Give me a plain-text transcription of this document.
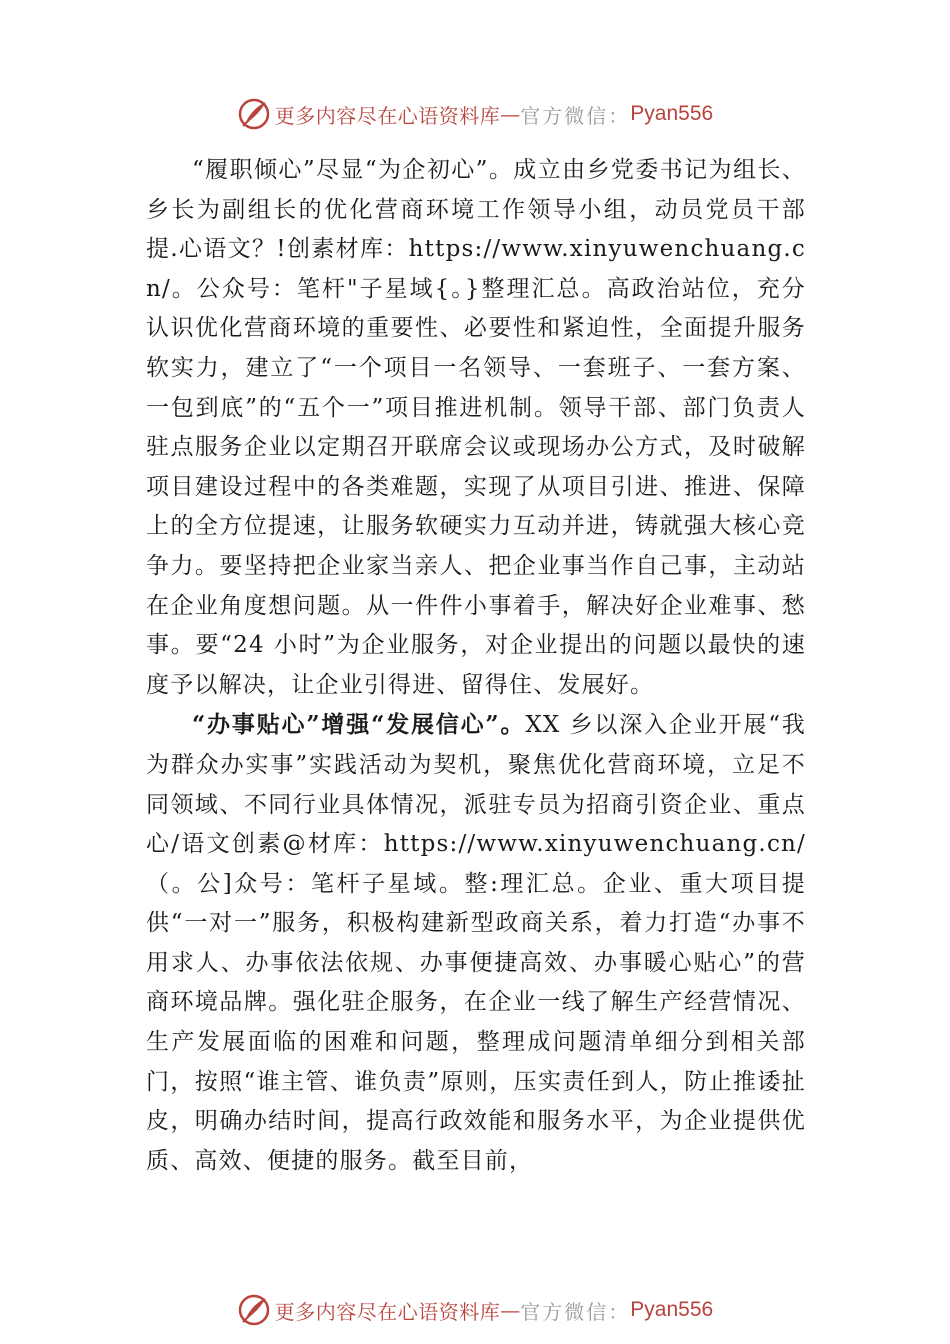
更多内容尽在心语资料库 — 官方微信： Pyan556

“履职倾心”尽显“为企初心”。成立由乡党委书记为组长、乡长为副组长的优化营商环境工作领导小组，动员党员干部提.心语文？!创素材库：https://www.xinyuwenchuang.cn/。公众号：笔杆"子星域{。}整理汇总。高政治站位，充分认识优化营商环境的重要性、必要性和紧迫性，全面提升服务软实力，建立了“一个项目一名领导、一套班子、一套方案、一包到底”的“五个一”项目推进机制。领导干部、部门负责人驻点服务企业以定期召开联席会议或现场办公方式，及时破解项目建设过程中的各类难题，实现了从项目引进、推进、保障上的全方位提速，让服务软硬实力互动并进，铸就强大核心竞争力。要坚持把企业家当亲人、把企业事当作自己事，主动站在企业角度想问题。从一件件小事着手，解决好企业难事、愁事。要“24 小时”为企业服务，对企业提出的问题以最快的速度予以解决，让企业引得进、留得住、发展好。

“办事贴心”增强“发展信心”。XX 乡以深入企业开展“我为群众办实事”实践活动为契机，聚焦优化营商环境，立足不同领域、不同行业具体情况，派驻专员为招商引资企业、重点心/语文创素@材库：https://www.xinyuwenchuang.cn/（。公]众号：笔杆子星域。整:理汇总。企业、重大项目提供“一对一”服务，积极构建新型政商关系，着力打造“办事不用求人、办事依法依规、办事便捷高效、办事暖心贴心”的营商环境品牌。强化驻企服务，在企业一线了解生产经营情况、生产发展面临的困难和问题，整理成问题清单细分到相关部门，按照“谁主管、谁负责”原则，压实责任到人，防止推诿扯皮，明确办结时间，提高行政效能和服务水平，为企业提供优质、高效、便捷的服务。截至目前，

更多内容尽在心语资料库 — 官方微信： Pyan556
